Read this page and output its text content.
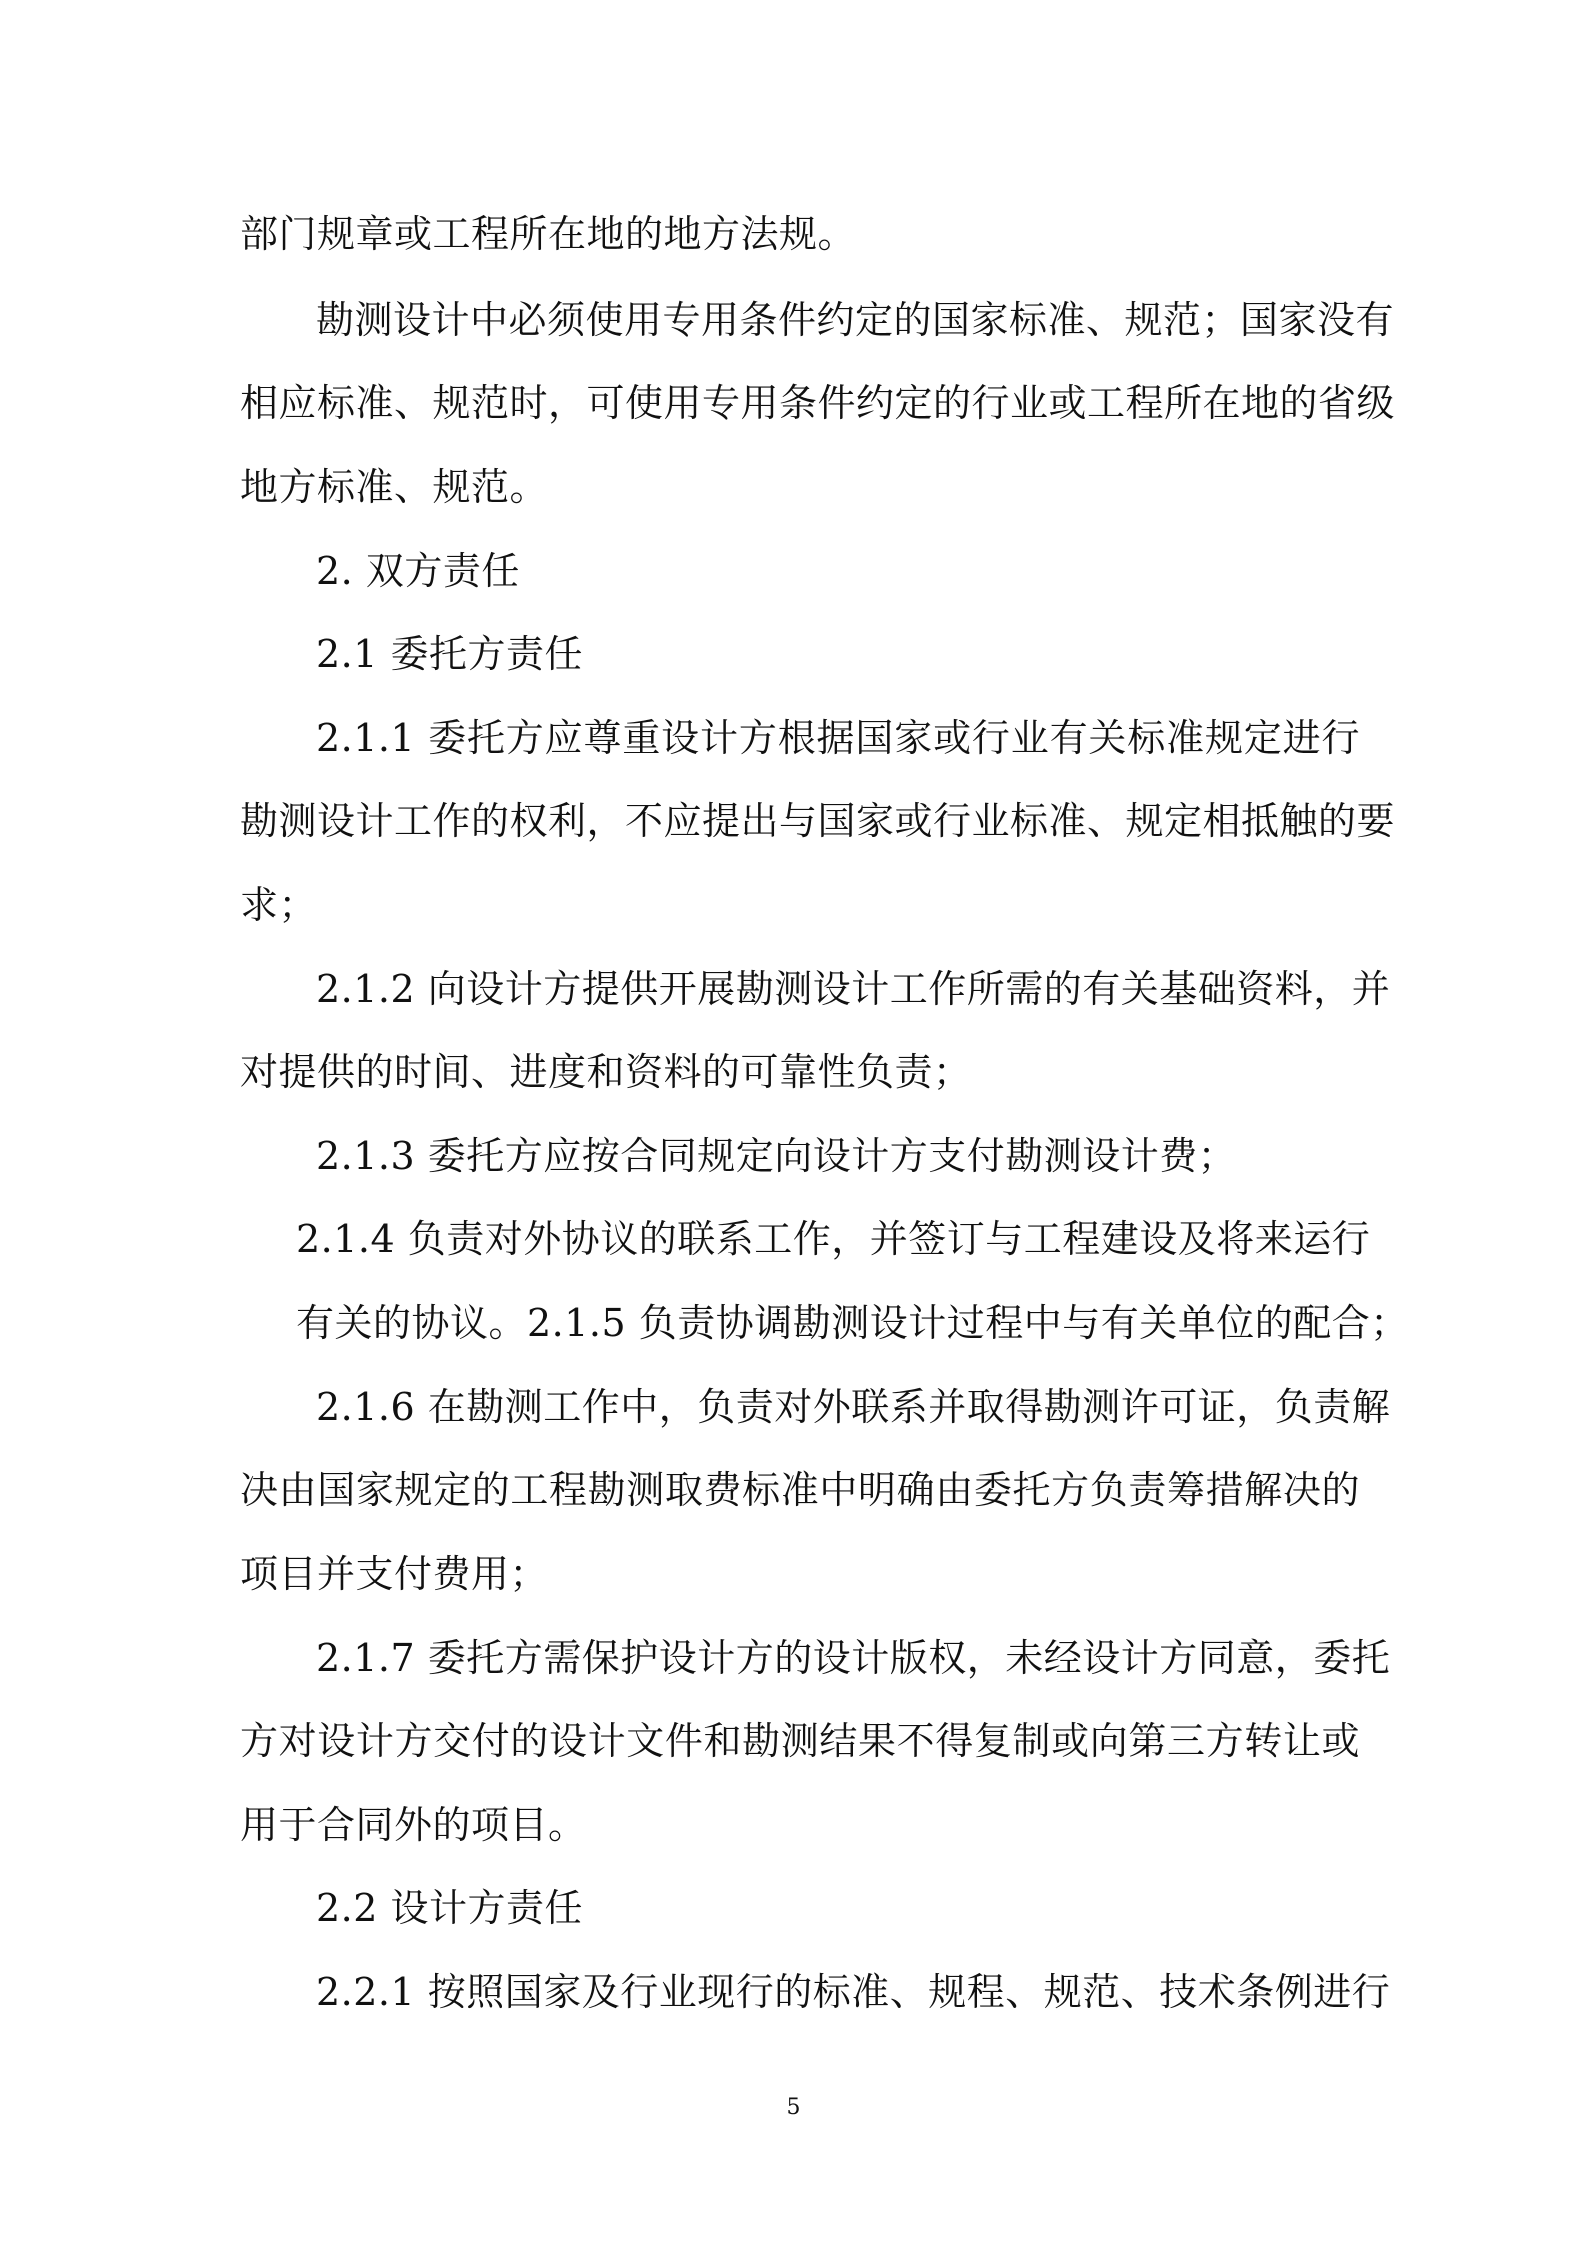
部门规章或工程所在地的地方法规。
勘测设计中必须使用专用条件约定的国家标准、规范；国家没有
相应标准、规范时，可使用专用条件约定的行业或工程所在地的省级
地方标准、规范。
2. 双方责任
2.1 委托方责任
2.1.1 委托方应尊重设计方根据国家或行业有关标准规定进行
勘测设计工作的权利，不应提出与国家或行业标准、规定相抵触的要
求；
2.1.2 向设计方提供开展勘测设计工作所需的有关基础资料，并
对提供的时间、进度和资料的可靠性负责；
2.1.3 委托方应按合同规定向设计方支付勘测设计费；
2.1.4 负责对外协议的联系工作，并签订与工程建设及将来运行
有关的协议。2.1.5 负责协调勘测设计过程中与有关单位的配合；
2.1.6 在勘测工作中，负责对外联系并取得勘测许可证，负责解
决由国家规定的工程勘测取费标准中明确由委托方负责筹措解决的
项目并支付费用；
2.1.7 委托方需保护设计方的设计版权，未经设计方同意，委托
方对设计方交付的设计文件和勘测结果不得复制或向第三方转让或
用于合同外的项目。
2.2 设计方责任
2.2.1 按照国家及行业现行的标准、规程、规范、技术条例进行
5
